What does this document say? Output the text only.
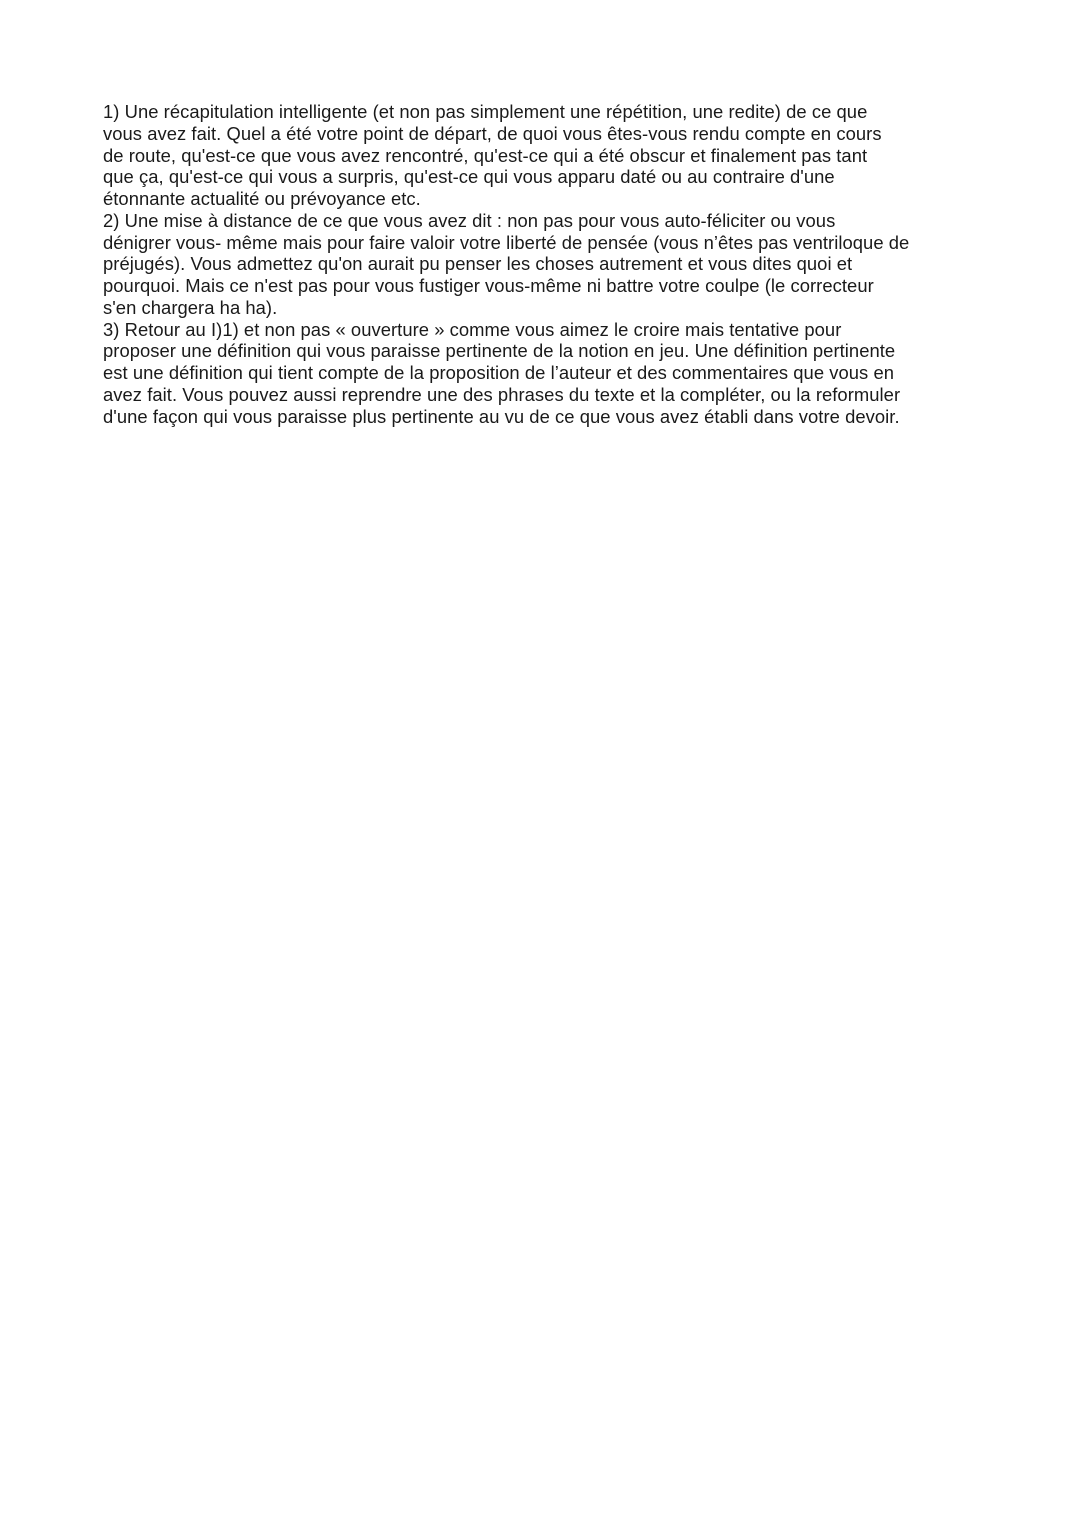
1) Une récapitulation intelligente (et non pas simplement une répétition, une redite) de ce que
vous avez fait. Quel a été votre point de départ, de quoi vous êtes-vous rendu compte en cours
de route, qu'est-ce que vous avez rencontré, qu'est-ce qui a été obscur et finalement pas tant
que ça, qu'est-ce qui vous a surpris, qu'est-ce qui vous apparu daté ou au contraire d'une
étonnante actualité ou prévoyance etc.
2) Une mise à distance de ce que vous avez dit : non pas pour vous auto-féliciter ou vous
dénigrer vous- même mais pour faire valoir votre liberté de pensée (vous n’êtes pas ventriloque de
préjugés). Vous admettez qu'on aurait pu penser les choses autrement et vous dites quoi et
pourquoi. Mais ce n'est pas pour vous fustiger vous-même ni battre votre coulpe (le correcteur
s'en chargera ha ha).
3) Retour au I)1) et non pas « ouverture » comme vous aimez le croire mais tentative pour
proposer une définition qui vous paraisse pertinente de la notion en jeu. Une définition pertinente
est une définition qui tient compte de la proposition de l’auteur et des commentaires que vous en
avez fait. Vous pouvez aussi reprendre une des phrases du texte et la compléter, ou la reformuler
d'une façon qui vous paraisse plus pertinente au vu de ce que vous avez établi dans votre devoir.
